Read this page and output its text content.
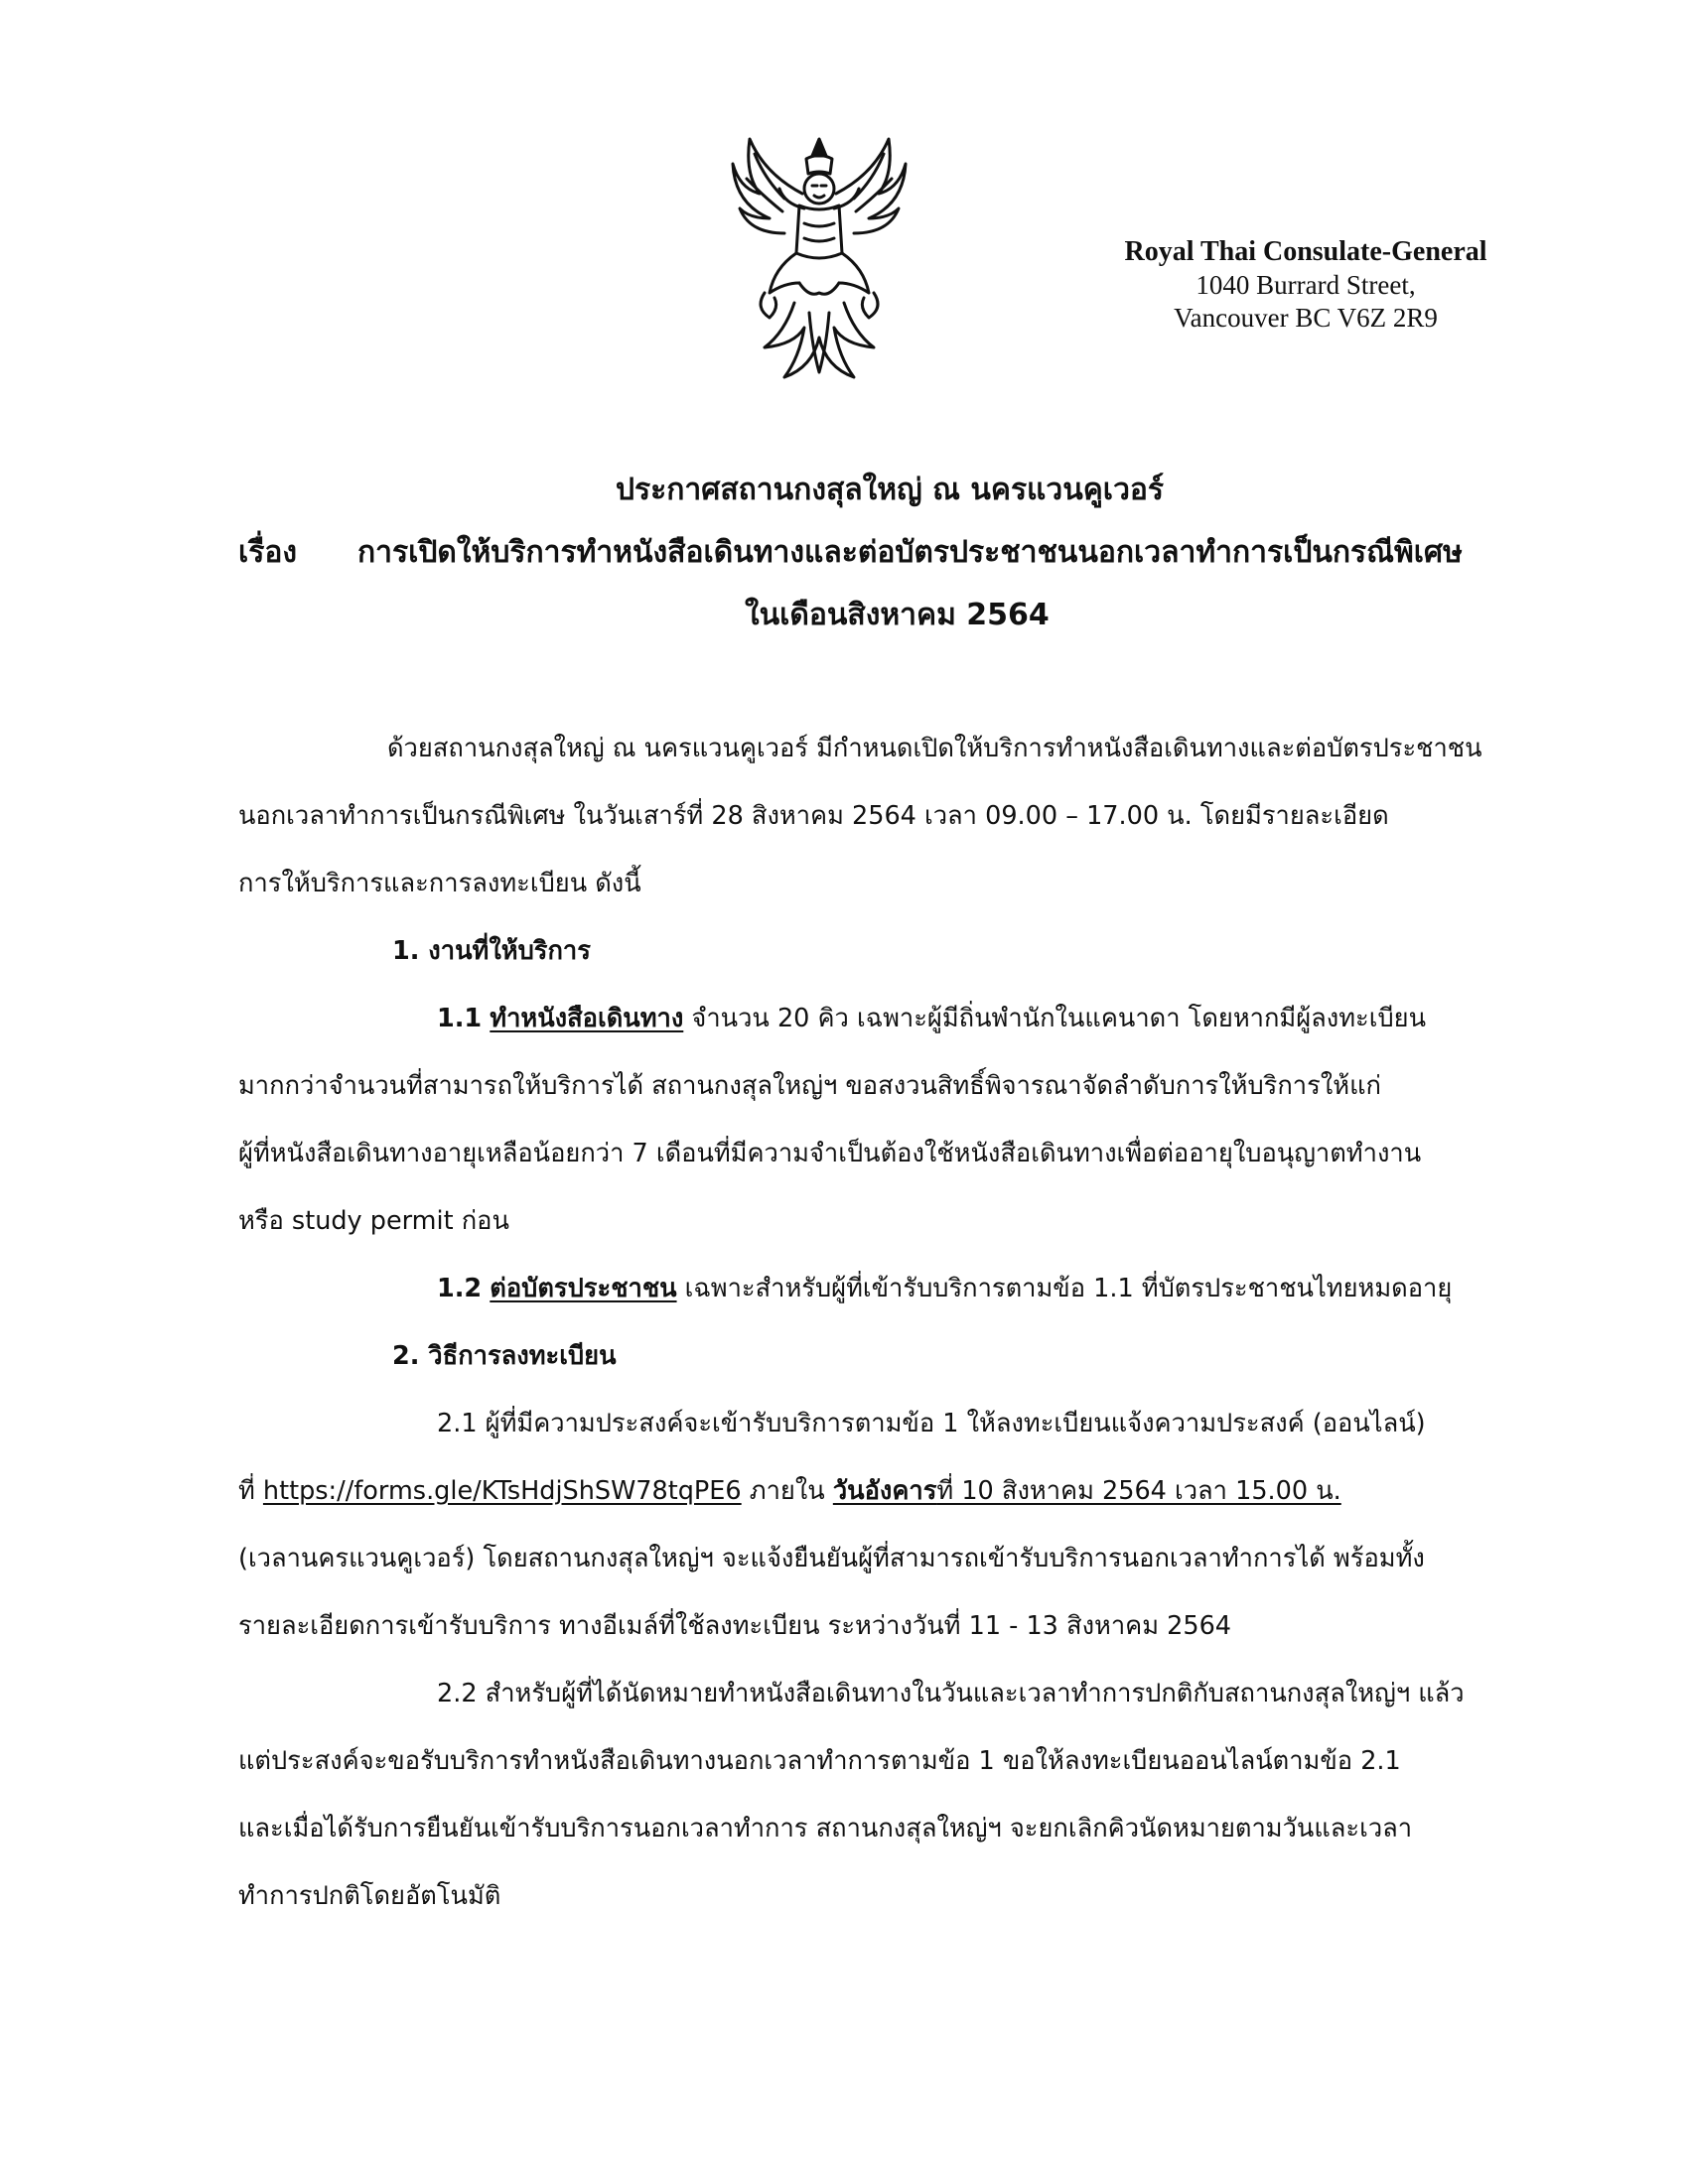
Royal Thai Consulate-General
1040 Burrard Street,
Vancouver BC V6Z 2R9
ประกาศสถานกงสุลใหญ่ ณ นครแวนคูเวอร์
เรื่อง การเปิดให้บริการทำหนังสือเดินทางและต่อบัตรประชาชนนอกเวลาทำการเป็นกรณีพิเศษ
ในเดือนสิงหาคม 2564
ด้วยสถานกงสุลใหญ่ ณ นครแวนคูเวอร์ มีกำหนดเปิดให้บริการทำหนังสือเดินทางและต่อบัตรประชาชน
นอกเวลาทำการเป็นกรณีพิเศษ ในวันเสาร์ที่ 28 สิงหาคม 2564 เวลา 09.00 – 17.00 น. โดยมีรายละเอียด
การให้บริการและการลงทะเบียน ดังนี้
1. งานที่ให้บริการ
1.1 ทำหนังสือเดินทาง จำนวน 20 คิว เฉพาะผู้มีถิ่นพำนักในแคนาดา โดยหากมีผู้ลงทะเบียน
มากกว่าจำนวนที่สามารถให้บริการได้ สถานกงสุลใหญ่ฯ ขอสงวนสิทธิ์พิจารณาจัดลำดับการให้บริการให้แก่
ผู้ที่หนังสือเดินทางอายุเหลือน้อยกว่า 7 เดือนที่มีความจำเป็นต้องใช้หนังสือเดินทางเพื่อต่ออายุใบอนุญาตทำงาน
หรือ study permit ก่อน
1.2 ต่อบัตรประชาชน เฉพาะสำหรับผู้ที่เข้ารับบริการตามข้อ 1.1 ที่บัตรประชาชนไทยหมดอายุ
2. วิธีการลงทะเบียน
2.1 ผู้ที่มีความประสงค์จะเข้ารับบริการตามข้อ 1 ให้ลงทะเบียนแจ้งความประสงค์ (ออนไลน์)
ที่ https://forms.gle/KTsHdjShSW78tqPE6 ภายใน วันอังคารที่ 10 สิงหาคม 2564 เวลา 15.00 น.
(เวลานครแวนคูเวอร์) โดยสถานกงสุลใหญ่ฯ จะแจ้งยืนยันผู้ที่สามารถเข้ารับบริการนอกเวลาทำการได้ พร้อมทั้ง
รายละเอียดการเข้ารับบริการ ทางอีเมล์ที่ใช้ลงทะเบียน ระหว่างวันที่ 11 - 13 สิงหาคม 2564
2.2 สำหรับผู้ที่ได้นัดหมายทำหนังสือเดินทางในวันและเวลาทำการปกติกับสถานกงสุลใหญ่ฯ แล้ว
แต่ประสงค์จะขอรับบริการทำหนังสือเดินทางนอกเวลาทำการตามข้อ 1 ขอให้ลงทะเบียนออนไลน์ตามข้อ 2.1
และเมื่อได้รับการยืนยันเข้ารับบริการนอกเวลาทำการ สถานกงสุลใหญ่ฯ จะยกเลิกคิวนัดหมายตามวันและเวลา
ทำการปกติโดยอัตโนมัติ
